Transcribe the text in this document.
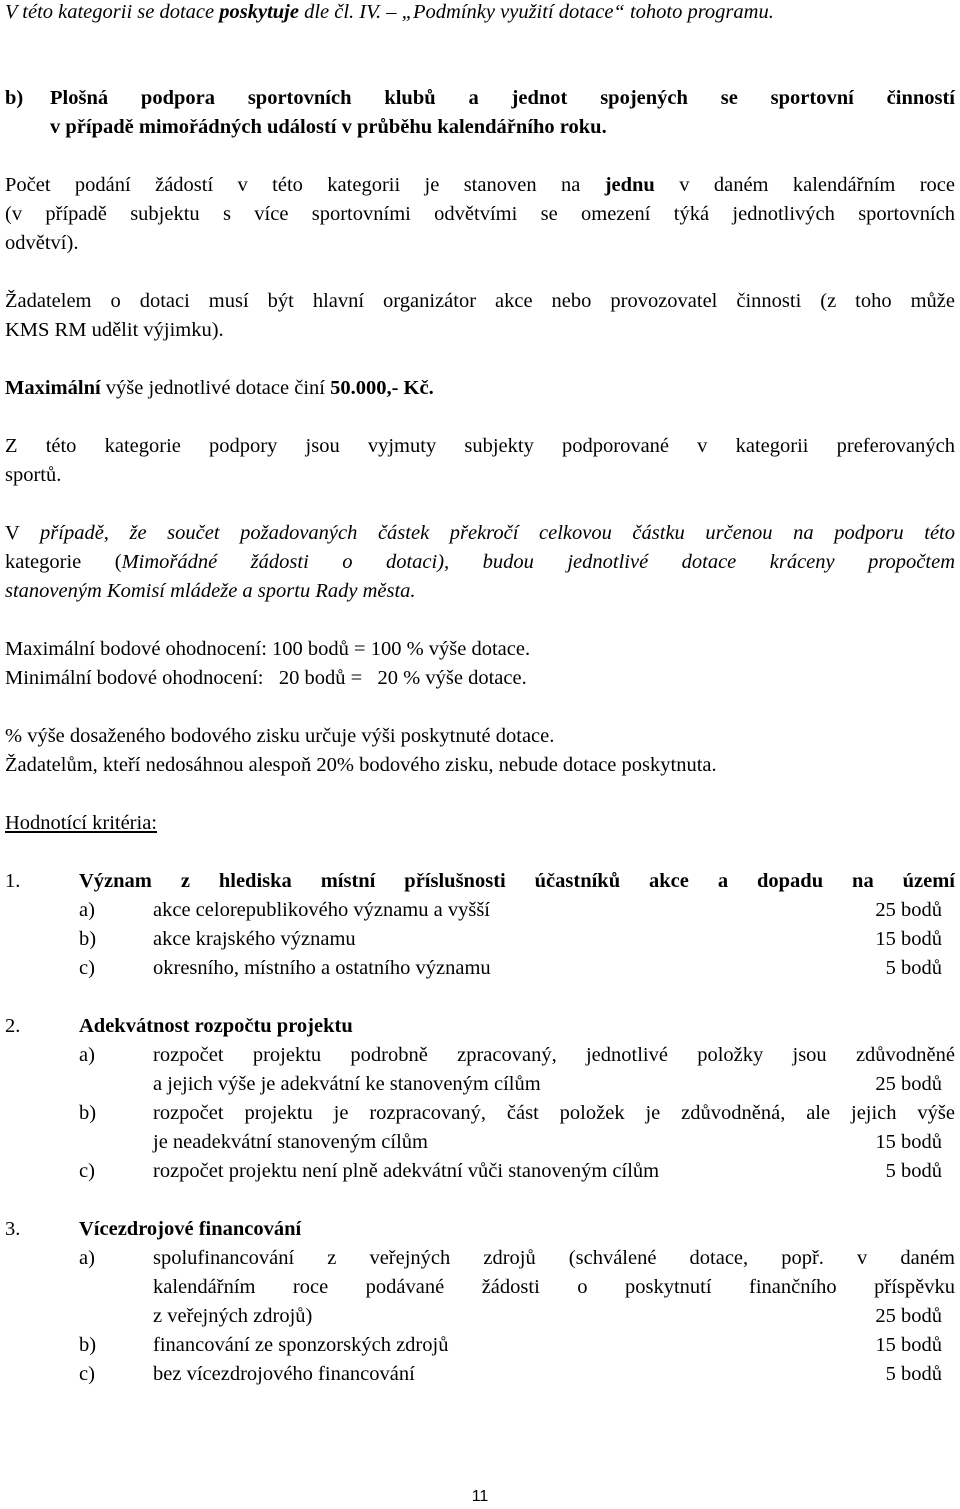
V této kategorii se dotace poskytuje dle čl. IV. – „Podmínky využití dotace“ tohoto programu.
b) Plošná podpora sportovních klubů a jednot spojených se sportovní činností
v případě mimořádných událostí v průběhu kalendářního roku.
Počet podání žádostí v této kategorii je stanoven na jednu v daném kalendářním roce
(v případě subjektu s více sportovními odvětvími se omezení týká jednotlivých sportovních
odvětví).
Žadatelem o dotaci musí být hlavní organizátor akce nebo provozovatel činnosti (z toho může
KMS RM udělit výjimku).
Maximální výše jednotlivé dotace činí 50.000,- Kč.
Z této kategorie podpory jsou vyjmuty subjekty podporované v kategorii preferovaných
sportů.
V případě, že součet požadovaných částek překročí celkovou částku určenou na podporu této
kategorie (Mimořádné žádosti o dotaci), budou jednotlivé dotace kráceny propočtem
stanoveným Komisí mládeže a sportu Rady města.
Maximální bodové ohodnocení: 100 bodů = 100 % výše dotace.
Minimální bodové ohodnocení:   20 bodů =   20 % výše dotace.
% výše dosaženého bodového zisku určuje výši poskytnuté dotace.
Žadatelům, kteří nedosáhnou alespoň 20% bodového zisku, nebude dotace poskytnuta.
Hodnotící kritéria:
1.	Význam z hlediska místní příslušnosti účastníků akce a dopadu na území
a)	akce celorepublikového významu a vyšší	25 bodů
b)	akce krajského významu	15 bodů
c)	okresního, místního a ostatního významu	5 bodů
2.	Adekvátnost rozpočtu projektu
a)	rozpočet projektu podrobně zpracovaný, jednotlivé položky jsou zdůvodněné
a jejich výše je adekvátní ke stanoveným cílům	25 bodů
b)	rozpočet projektu je rozpracovaný, část položek je zdůvodněná, ale jejich výše
je neadekvátní stanoveným cílům	15 bodů
c)	rozpočet projektu není plně adekvátní vůči stanoveným cílům	5 bodů
3.	Vícezdrojové financování
a)	spolufinancování z veřejných zdrojů (schválené dotace, popř. v daném
kalendářním roce podávané žádosti o poskytnutí finančního příspěvku
z veřejných zdrojů)	25 bodů
b)	financování ze sponzorských zdrojů	15 bodů
c)	bez vícezdrojového financování	5 bodů
11
